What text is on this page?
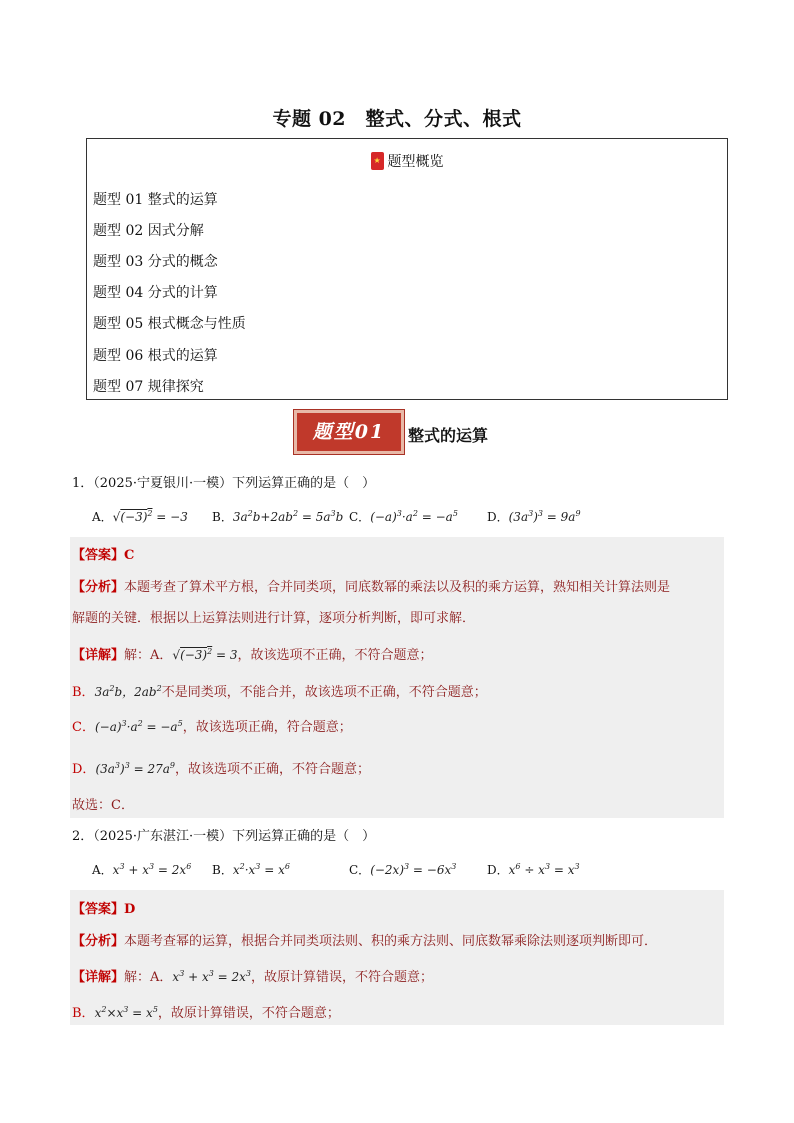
专题 02　整式、分式、根式
★题型概览
题型 01 整式的运算
题型 02 因式分解
题型 03 分式的概念
题型 04 分式的计算
题型 05 根式概念与性质
题型 06 根式的运算
题型 07 规律探究
题型01	整式的运算
1．（2025·宁夏银川·一模）下列运算正确的是（　）
A．$√(-3)^2 = -3$ B．$3a^2b+2ab^2 = 5a^3b$ C．$(-a)^3\cdot a^2 = -a^5$ D．$(3a^3)^3 = 9a^9$
【答案】C
【分析】本题考查了算术平方根，合并同类项，同底数幂的乘法以及积的乘方运算，熟知相关计算法则是
解题的关键．根据以上运算法则进行计算，逐项分析判断，即可求解．
【详解】解：A．$√(-3)^2 = 3$，故该选项不正确，不符合题意；
B．$3a^2b$，$2ab^2$不是同类项，不能合并，故该选项不正确，不符合题意；
C．$(-a)^3\cdot a^2 = -a^5$，故该选项正确，符合题意；
D．$(3a^3)^3 = 27a^9$，故该选项不正确，不符合题意；
故选：C．
2．（2025·广东湛江·一模）下列运算正确的是（　）
A．$x^3 + x^3 = 2x^6$ B．$x^2\cdot x^3 = x^6$	C．$(-2x)^3 = -6x^3$	D．$x^6 \div x^3 = x^3$
【答案】D
【分析】本题考查幂的运算，根据合并同类项法则、积的乘方法则、同底数幂乘除法则逐项判断即可．
【详解】解：A．$x^3 + x^3 = 2x^3$，故原计算错误，不符合题意；
B．$x^2\times x^3 = x^5$，故原计算错误，不符合题意；
